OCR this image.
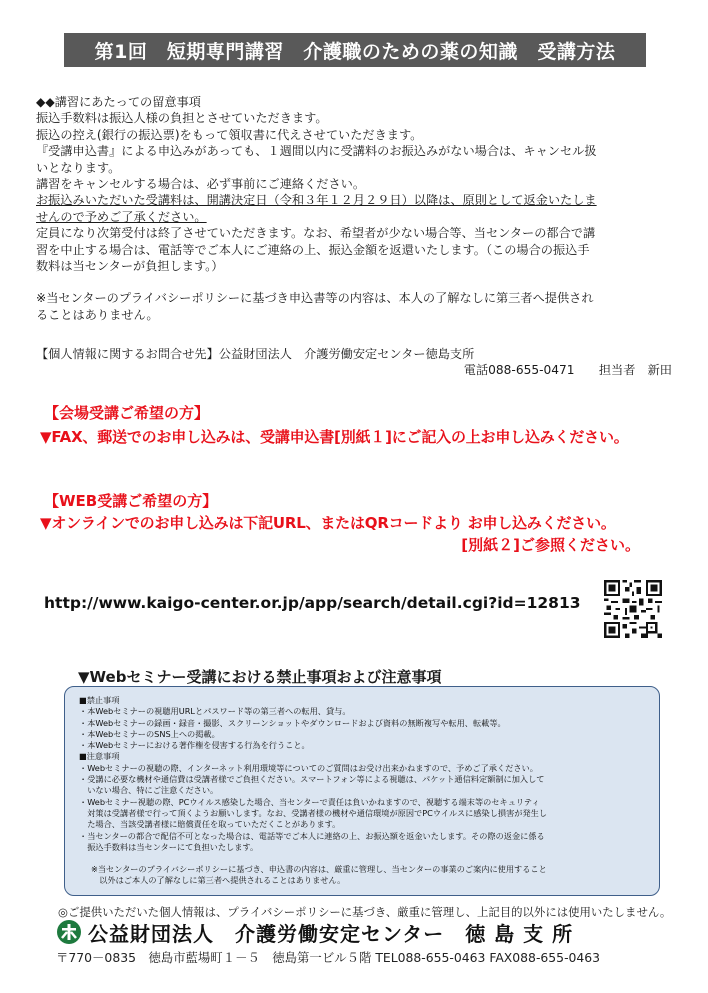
第1回　短期専門講習　介護職のための薬の知識　受講方法

◆◆講習にあたっての留意事項

振込手数料は振込人様の負担とさせていただきます。

振込の控え(銀行の振込票)をもって領収書に代えさせていただきます。

『受講申込書』による申込みがあっても、１週間以内に受講料のお振込みがない場合は、キャンセル扱
いとなります。

講習をキャンセルする場合は、必ず事前にご連絡ください。

お振込みいただいた受講料は、開講決定日（令和３年１２月２９日）以降は、原則として返金いたしま
せんので予めご了承ください。

定員になり次第受付は終了させていただきます。なお、希望者が少ない場合等、当センターの都合で講
習を中止する場合は、電話等でご本人にご連絡の上、振込金額を返還いたします。（この場合の振込手
数料は当センターが負担します。）

※当センターのプライバシーポリシーに基づき申込書等の内容は、本人の了解なしに第三者へ提供され
ることはありません。

【個人情報に関するお問合せ先】公益財団法人　介護労働安定センター徳島支所
電話088-655-0471　　担当者　新田
【会場受講ご希望の方】
▼FAX、郵送でのお申し込みは、受講申込書[別紙１]にご記入の上お申し込みください。
【WEB受講ご希望の方】
▼オンラインでのお申し込みは下記URL、またはQRコードより お申し込みください。
[別紙２]ご参照ください。
http://www.kaigo-center.or.jp/app/search/detail.cgi?id=12813
▼Webセミナー受講における禁止事項および注意事項

■禁止事項

・本Webセミナーの視聴用URLとパスワード等の第三者への転用、貸与。
・本Webセミナーの録画・録音・撮影、スクリーンショットやダウンロードおよび資料の無断複写や転用、転載等。
・本WebセミナーのSNS上への掲載。
・本Webセミナーにおける著作権を侵害する行為を行うこと。

■注意事項

・Webセミナーの視聴の際、インターネット利用環境等についてのご質問はお受け出来かねますので、予めご了承ください。
・受講に必要な機材や通信費は受講者様でご負担ください。スマートフォン等による視聴は、パケット通信料定額制に加入して
　いない場合、特にご注意ください。
・Webセミナー視聴の際、PCウイルス感染した場合、当センターで責任は負いかねますので、視聴する端末等のセキュリティ
　対策は受講者様で行って頂くようお願いします。なお、受講者様の機材や通信環境が原因でPCウイルスに感染し損害が発生し
　た場合、当該受講者様に賠償責任を取っていただくことがあります。
・当センターの都合で配信不可となった場合は、電話等でご本人に連絡の上、お振込額を返金いたします。その際の返金に係る
　振込手数料は当センターにて負担いたします。

※当センターのプライバシーポリシーに基づき、申込書の内容は、厳重に管理し、当センターの事業のご案内に使用すること
　以外はご本人の了解なしに第三者へ提供されることはありません。

◎ご提供いただいた個人情報は、プライバシーポリシーに基づき、厳重に管理し、上記目的以外には使用いたしません。
公益財団法人　介護労働安定センター　徳 島 支 所
〒770－0835　徳島市藍場町１－５　徳島第一ビル５階 TEL088-655-0463 FAX088-655-0463
